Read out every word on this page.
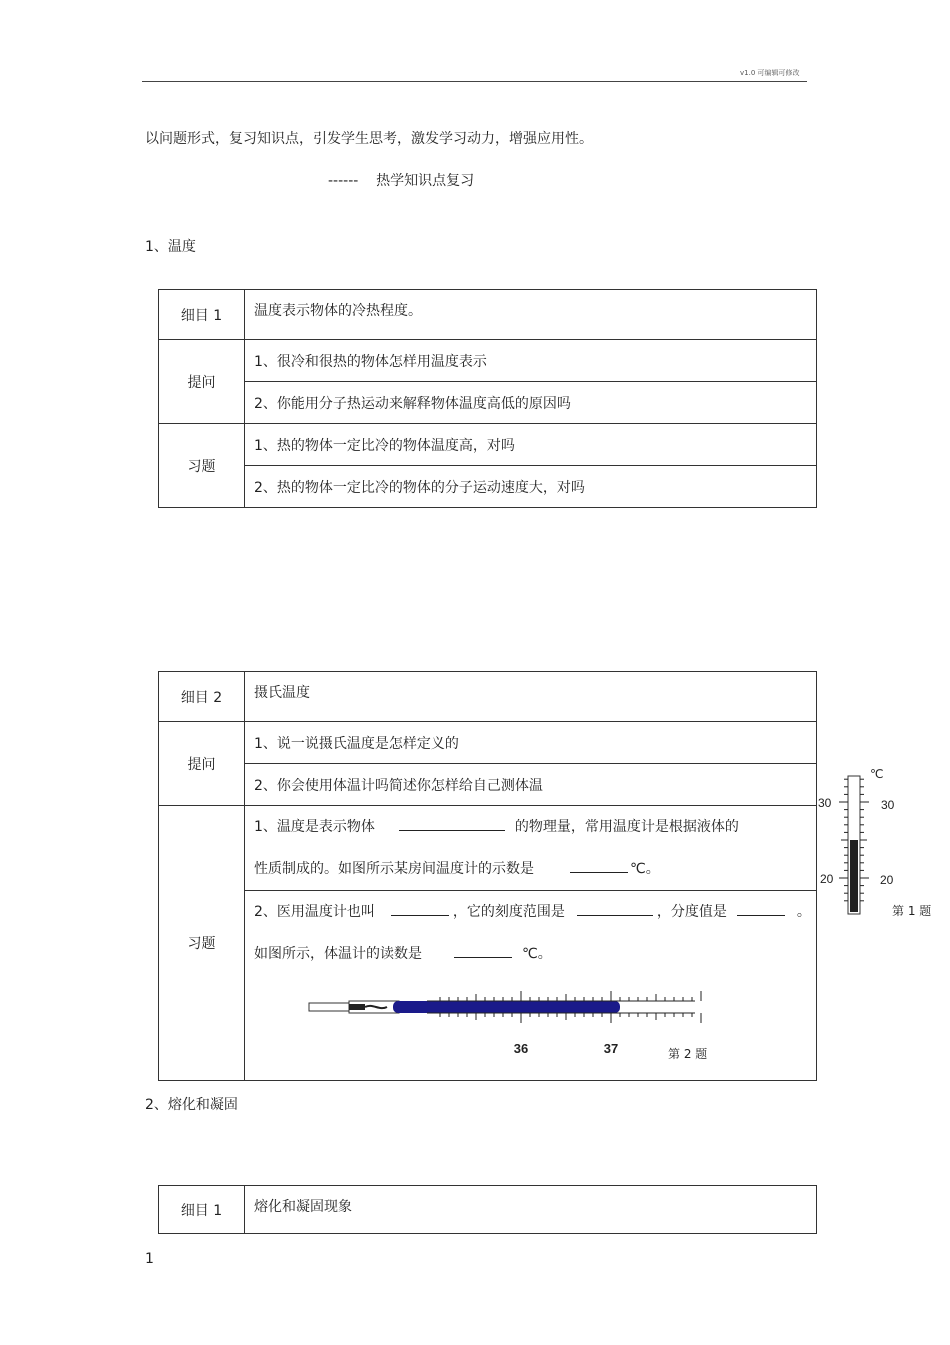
v1.0 可编辑可修改
以问题形式，复习知识点，引发学生思考，激发学习动力，增强应用性。
------    热学知识点复习
1、温度
细目 1	温度表示物体的冷热程度。
提问	1、很冷和很热的物体怎样用温度表示
	2、你能用分子热运动来解释物体温度高低的原因吗
习题	1、热的物体一定比冷的物体温度高，对吗
	2、热的物体一定比冷的物体的分子运动速度大，对吗
细目 2	摄氏温度
提问	1、说一说摄氏温度是怎样定义的
	2、你会使用体温计吗简述你怎样给自己测体温
习题	1、温度是表示物体 的物理量，常用温度计是根据液体的
性质制成的。如图所示某房间温度计的示数是 ℃。

	2、医用温度计也叫 ，它的刻度范围是 ，分度值是 。
如图所示，体温计的读数是 ℃。
36 37 第 2 题
℃
30	30
20	20
第 1 题
2、熔化和凝固
细目 1	熔化和凝固现象
1
